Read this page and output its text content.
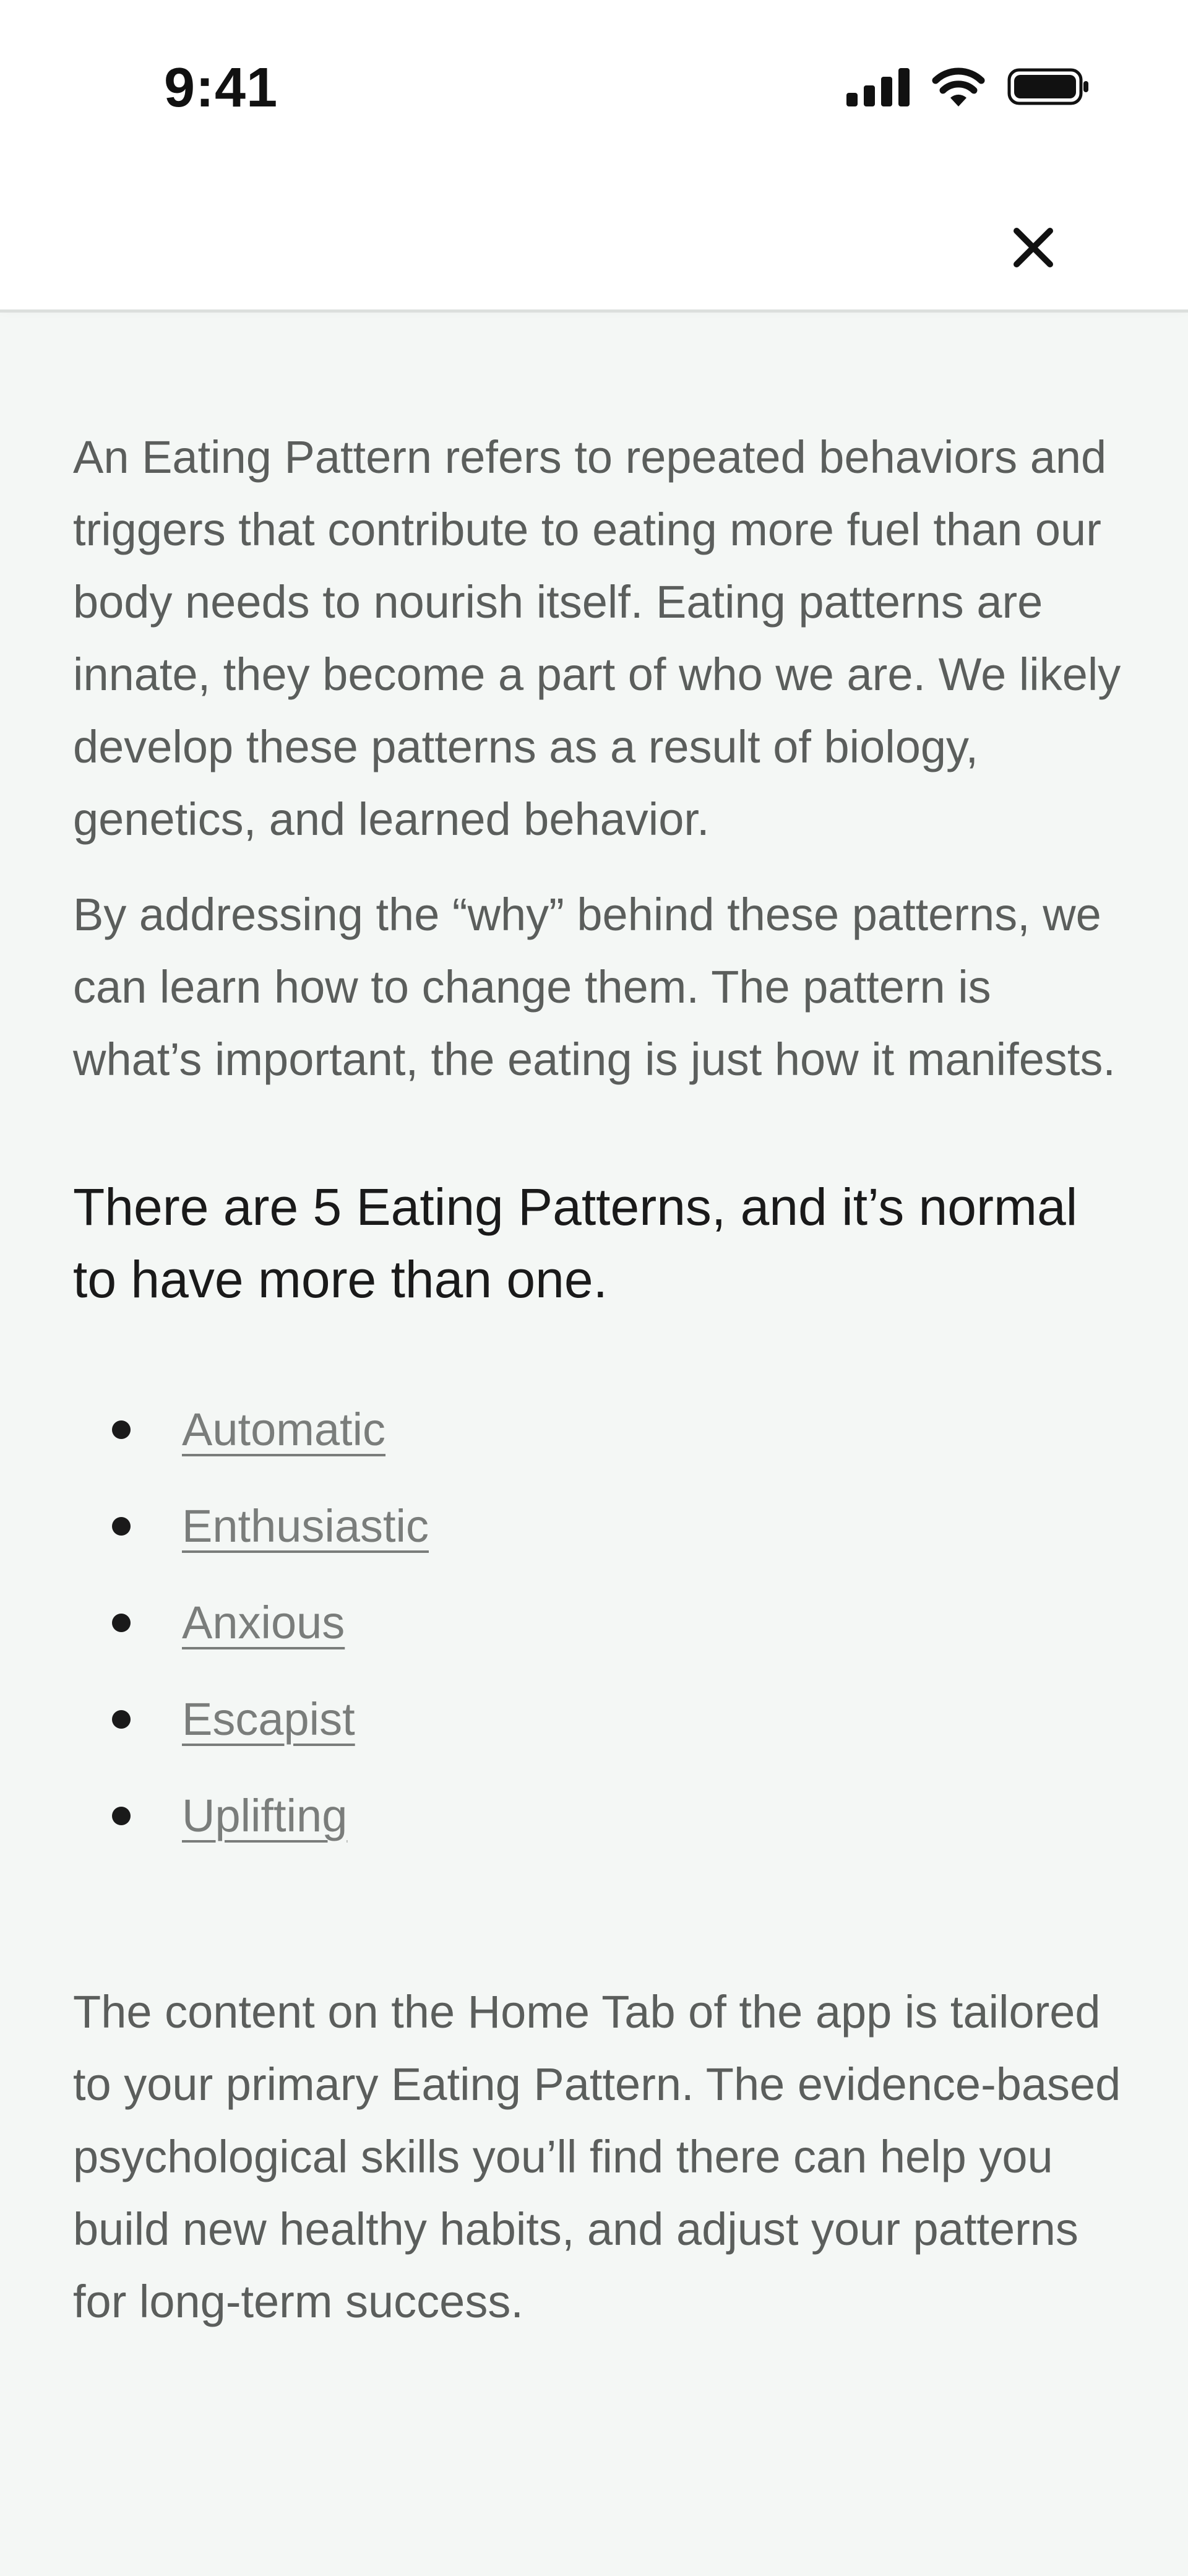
9:41

An Eating Pattern refers to repeated behaviors and triggers that contribute to eating more fuel than our body needs to nourish itself. Eating patterns are innate, they become a part of who we are. We likely develop these patterns as a result of biology, genetics, and learned behavior.

By addressing the “why” behind these patterns, we can learn how to change them. The pattern is what’s important, the eating is just how it manifests.

There are 5 Eating Patterns, and it’s normal to have more than one.
Automatic
Enthusiastic
Anxious
Escapist
Uplifting

The content on the Home Tab of the app is tailored to your primary Eating Pattern. The evidence-based psychological skills you’ll find there can help you build new healthy habits, and adjust your patterns for long-term success.
